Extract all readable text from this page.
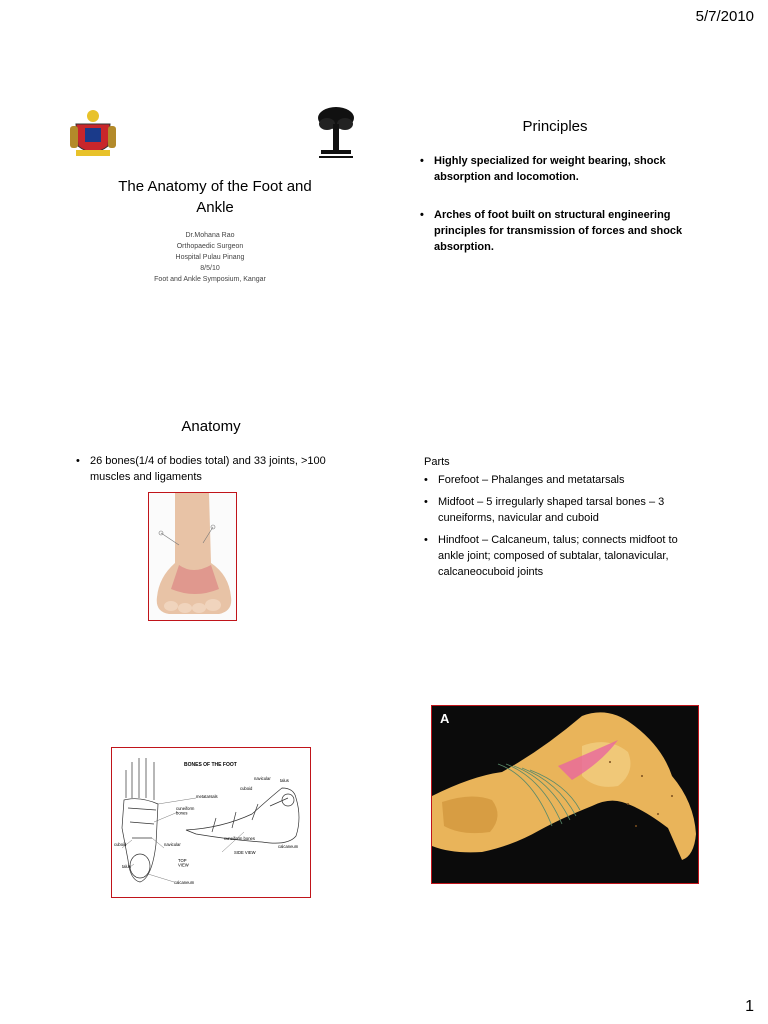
5/7/2010
1
The Anatomy of the Foot and
Ankle
Dr.Mohana Rao
Orthopaedic Surgeon
Hospital Pulau Pinang
8/5/10
Foot and Ankle Symposium, Kangar
Principles
• Highly specialized for weight bearing, shock absorption and locomotion.
• Arches of foot built on structural engineering principles for transmission of forces and shock absorption.
Anatomy
• 26 bones(1/4 of bodies total) and 33 joints, >100 muscles and ligaments
Parts
• Forefoot – Phalanges and metatarsals
• Midfoot – 5 irregularly shaped tarsal bones – 3 cuneiforms, navicular and cuboid
• Hindfoot – Calcaneum, talus; connects midfoot to ankle joint; composed of subtalar, talonavicular, calcaneocuboid joints
BONES OF THE FOOT
metatarsals
cuneiform bones
cuboid
navicular talus
cuneiform bones
calcaneum
SIDE VIEW
navicular
cuboid
TOP VIEW
talus
calcaneum
A
